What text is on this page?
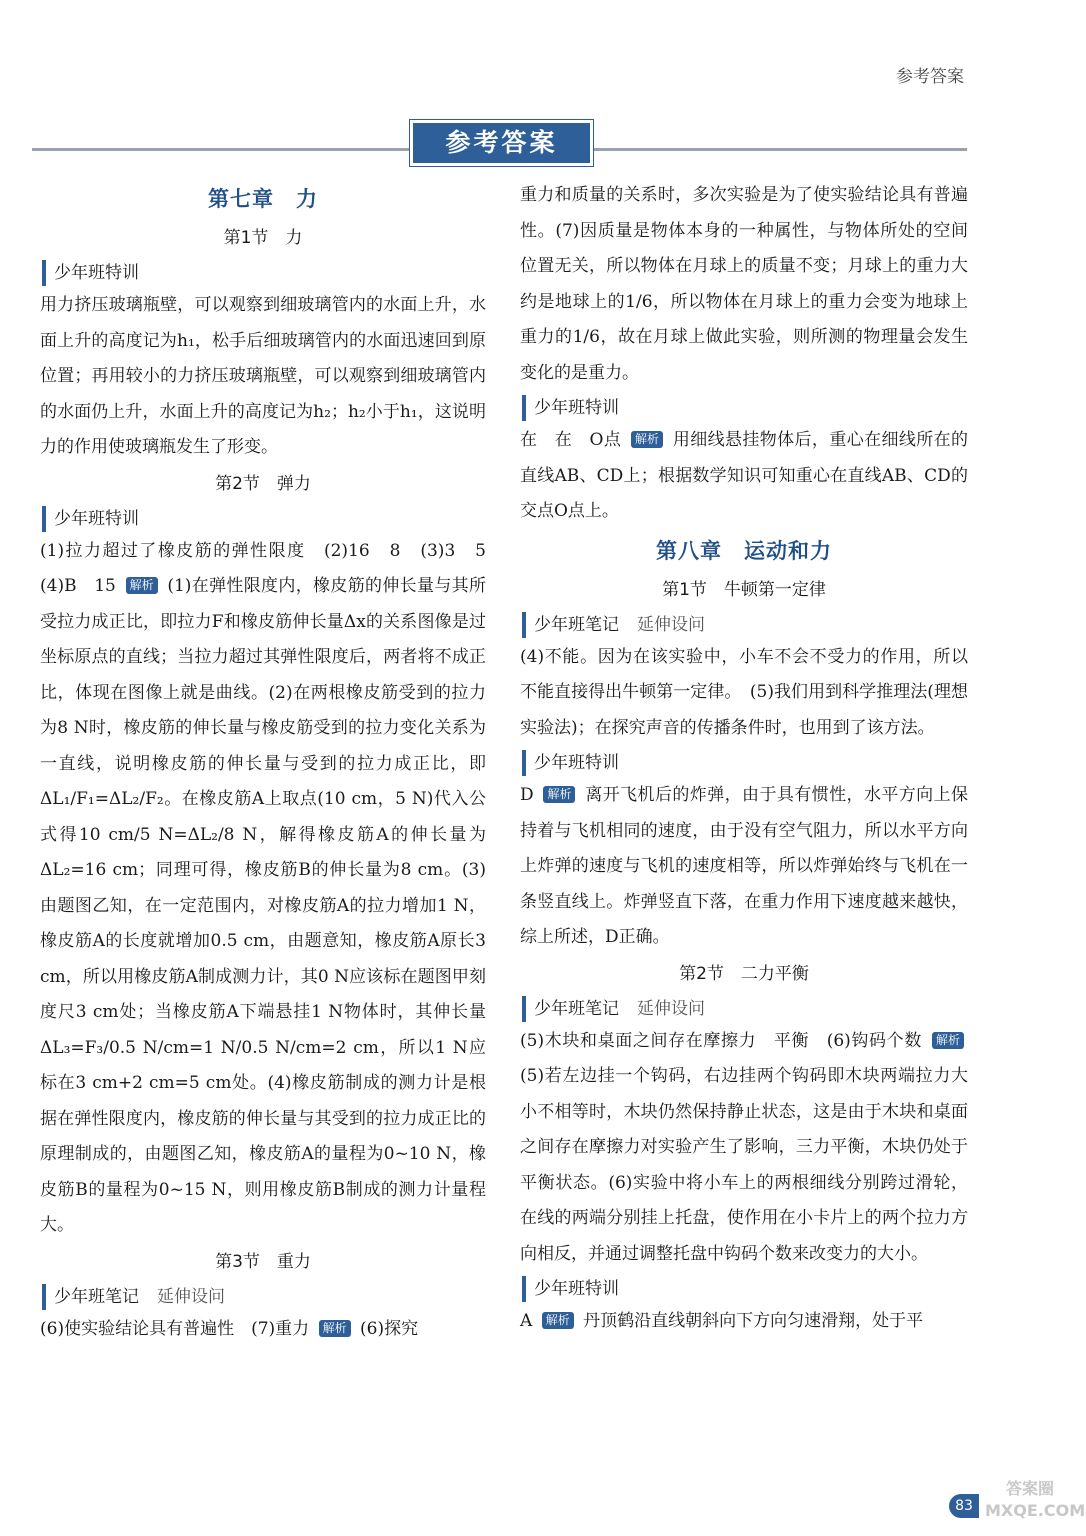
参考答案
参考答案
第七章　力
第1节　力
少年班特训

用力挤压玻璃瓶壁，可以观察到细玻璃管内的水面上升，水面上升的高度记为h₁，松手后细玻璃管内的水面迅速回到原位置；再用较小的力挤压玻璃瓶壁，可以观察到细玻璃管内的水面仍上升，水面上升的高度记为h₂；h₂小于h₁，这说明力的作用使玻璃瓶发生了形变。

第2节　弹力
少年班特训

(1)拉力超过了橡皮筋的弹性限度　(2)16　8　(3)3　5　(4)B　15 解析 (1)在弹性限度内，橡皮筋的伸长量与其所受拉力成正比，即拉力F和橡皮筋伸长量Δx的关系图像是过坐标原点的直线；当拉力超过其弹性限度后，两者将不成正比，体现在图像上就是曲线。(2)在两根橡皮筋受到的拉力为8 N时，橡皮筋的伸长量与橡皮筋受到的拉力变化关系为一直线，说明橡皮筋的伸长量与受到的拉力成正比，即ΔL₁/F₁=ΔL₂/F₂。在橡皮筋A上取点(10 cm，5 N)代入公式得10 cm/5 N=ΔL₂/8 N，解得橡皮筋A的伸长量为ΔL₂=16 cm；同理可得，橡皮筋B的伸长量为8 cm。(3)由题图乙知，在一定范围内，对橡皮筋A的拉力增加1 N，橡皮筋A的长度就增加0.5 cm，由题意知，橡皮筋A原长3 cm，所以用橡皮筋A制成测力计，其0 N应该标在题图甲刻度尺3 cm处；当橡皮筋A下端悬挂1 N物体时，其伸长量ΔL₃=F₃/0.5 N/cm=1 N/0.5 N/cm=2 cm，所以1 N应标在3 cm+2 cm=5 cm处。(4)橡皮筋制成的测力计是根据在弹性限度内，橡皮筋的伸长量与其受到的拉力成正比的原理制成的，由题图乙知，橡皮筋A的量程为0~10 N，橡皮筋B的量程为0~15 N，则用橡皮筋B制成的测力计量程大。

第3节　重力
少年班笔记 延伸设问

(6)使实验结论具有普遍性　(7)重力 解析 (6)探究

重力和质量的关系时，多次实验是为了使实验结论具有普遍性。(7)因质量是物体本身的一种属性，与物体所处的空间位置无关，所以物体在月球上的质量不变；月球上的重力大约是地球上的1/6，所以物体在月球上的重力会变为地球上重力的1/6，故在月球上做此实验，则所测的物理量会发生变化的是重力。

少年班特训

在　在　O点 解析 用细线悬挂物体后，重心在细线所在的直线AB、CD上；根据数学知识可知重心在直线AB、CD的交点O点上。

第八章　运动和力
第1节　牛顿第一定律
少年班笔记 延伸设问

(4)不能。因为在该实验中，小车不会不受力的作用，所以不能直接得出牛顿第一定律。　(5)我们用到科学推理法(理想实验法)；在探究声音的传播条件时，也用到了该方法。

少年班特训

D 解析 离开飞机后的炸弹，由于具有惯性，水平方向上保持着与飞机相同的速度，由于没有空气阻力，所以水平方向上炸弹的速度与飞机的速度相等，所以炸弹始终与飞机在一条竖直线上。炸弹竖直下落，在重力作用下速度越来越快，综上所述，D正确。

第2节　二力平衡
少年班笔记 延伸设问

(5)木块和桌面之间存在摩擦力　平衡　(6)钩码个数 解析 (5)若左边挂一个钩码，右边挂两个钩码即木块两端拉力大小不相等时，木块仍然保持静止状态，这是由于木块和桌面之间存在摩擦力对实验产生了影响，三力平衡，木块仍处于平衡状态。(6)实验中将小车上的两根细线分别跨过滑轮，在线的两端分别挂上托盘，使作用在小卡片上的两个拉力方向相反，并通过调整托盘中钩码个数来改变力的大小。

少年班特训

A 解析 丹顶鹤沿直线朝斜向下方向匀速滑翔，处于平

83
答案圈
MXQE.COM
